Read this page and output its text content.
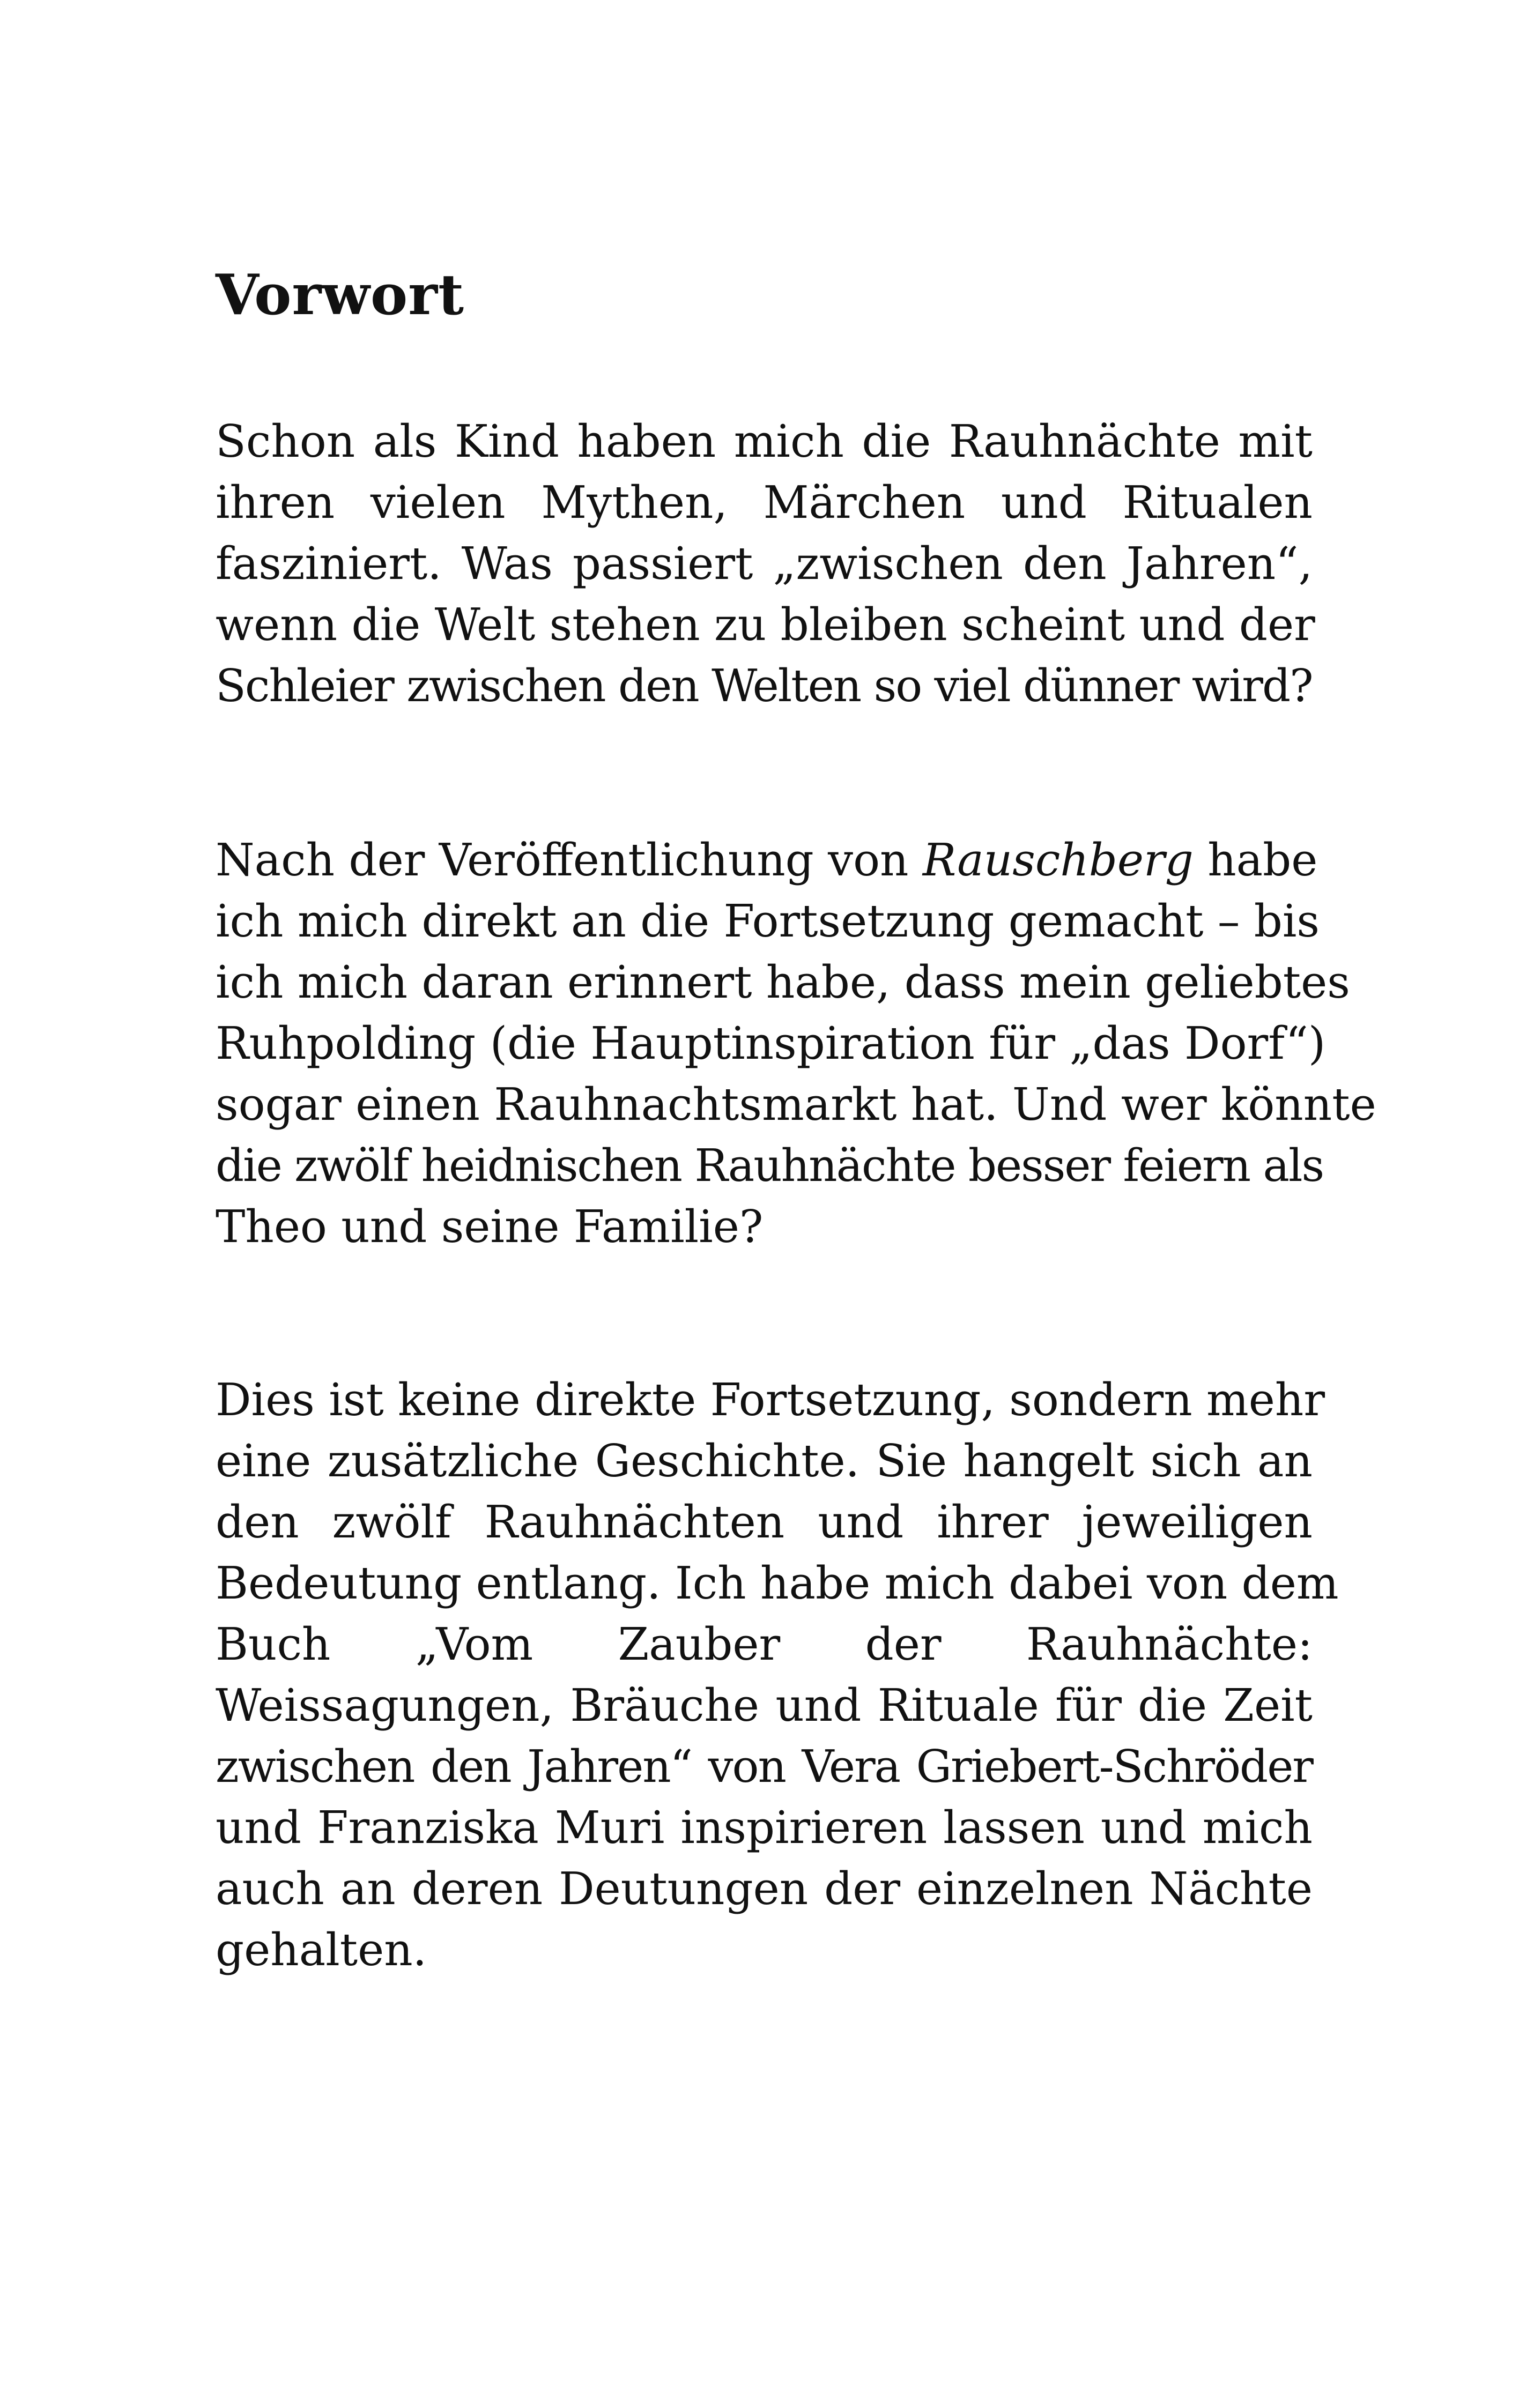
Vorwort
Schon als Kind haben mich die Rauhnächte mit
ihren vielen Mythen, Märchen und Ritualen
fasziniert. Was passiert „zwischen den Jahren“,
wenn die Welt stehen zu bleiben scheint und der
Schleier zwischen den Welten so viel dünner wird?
Nach der Veröffentlichung von Rauschberg habe
ich mich direkt an die Fortsetzung gemacht – bis
ich mich daran erinnert habe, dass mein geliebtes
Ruhpolding (die Hauptinspiration für „das Dorf“)
sogar einen Rauhnachtsmarkt hat. Und wer könnte
die zwölf heidnischen Rauhnächte besser feiern als
Theo und seine Familie?
Dies ist keine direkte Fortsetzung, sondern mehr
eine zusätzliche Geschichte. Sie hangelt sich an
den zwölf Rauhnächten und ihrer jeweiligen
Bedeutung entlang. Ich habe mich dabei von dem
Buch „Vom Zauber der Rauhnächte:
Weissagungen, Bräuche und Rituale für die Zeit
zwischen den Jahren“ von Vera Griebert-Schröder
und Franziska Muri inspirieren lassen und mich
auch an deren Deutungen der einzelnen Nächte
gehalten.
